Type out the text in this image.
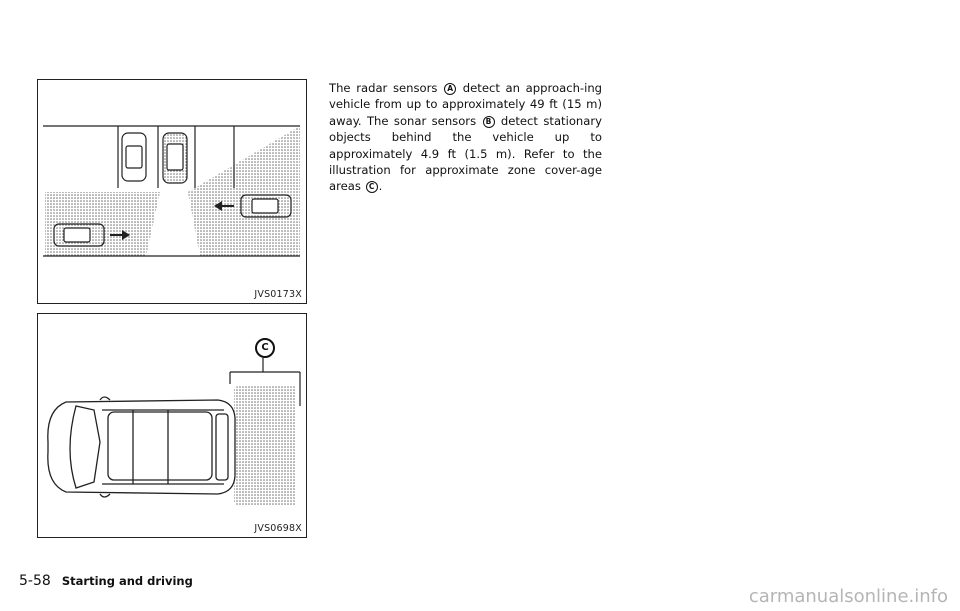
JVS0173X
C
JVS0698X
The radar sensors A detect an approach-ing vehicle from up to approximately 49 ft (15 m) away. The sonar sensors B detect stationary objects behind the vehicle up to approximately 4.9 ft (1.5 m). Refer to the illustration for approximate zone cover-age areas C .
5-58 Starting and driving
carmanualsonline.info
